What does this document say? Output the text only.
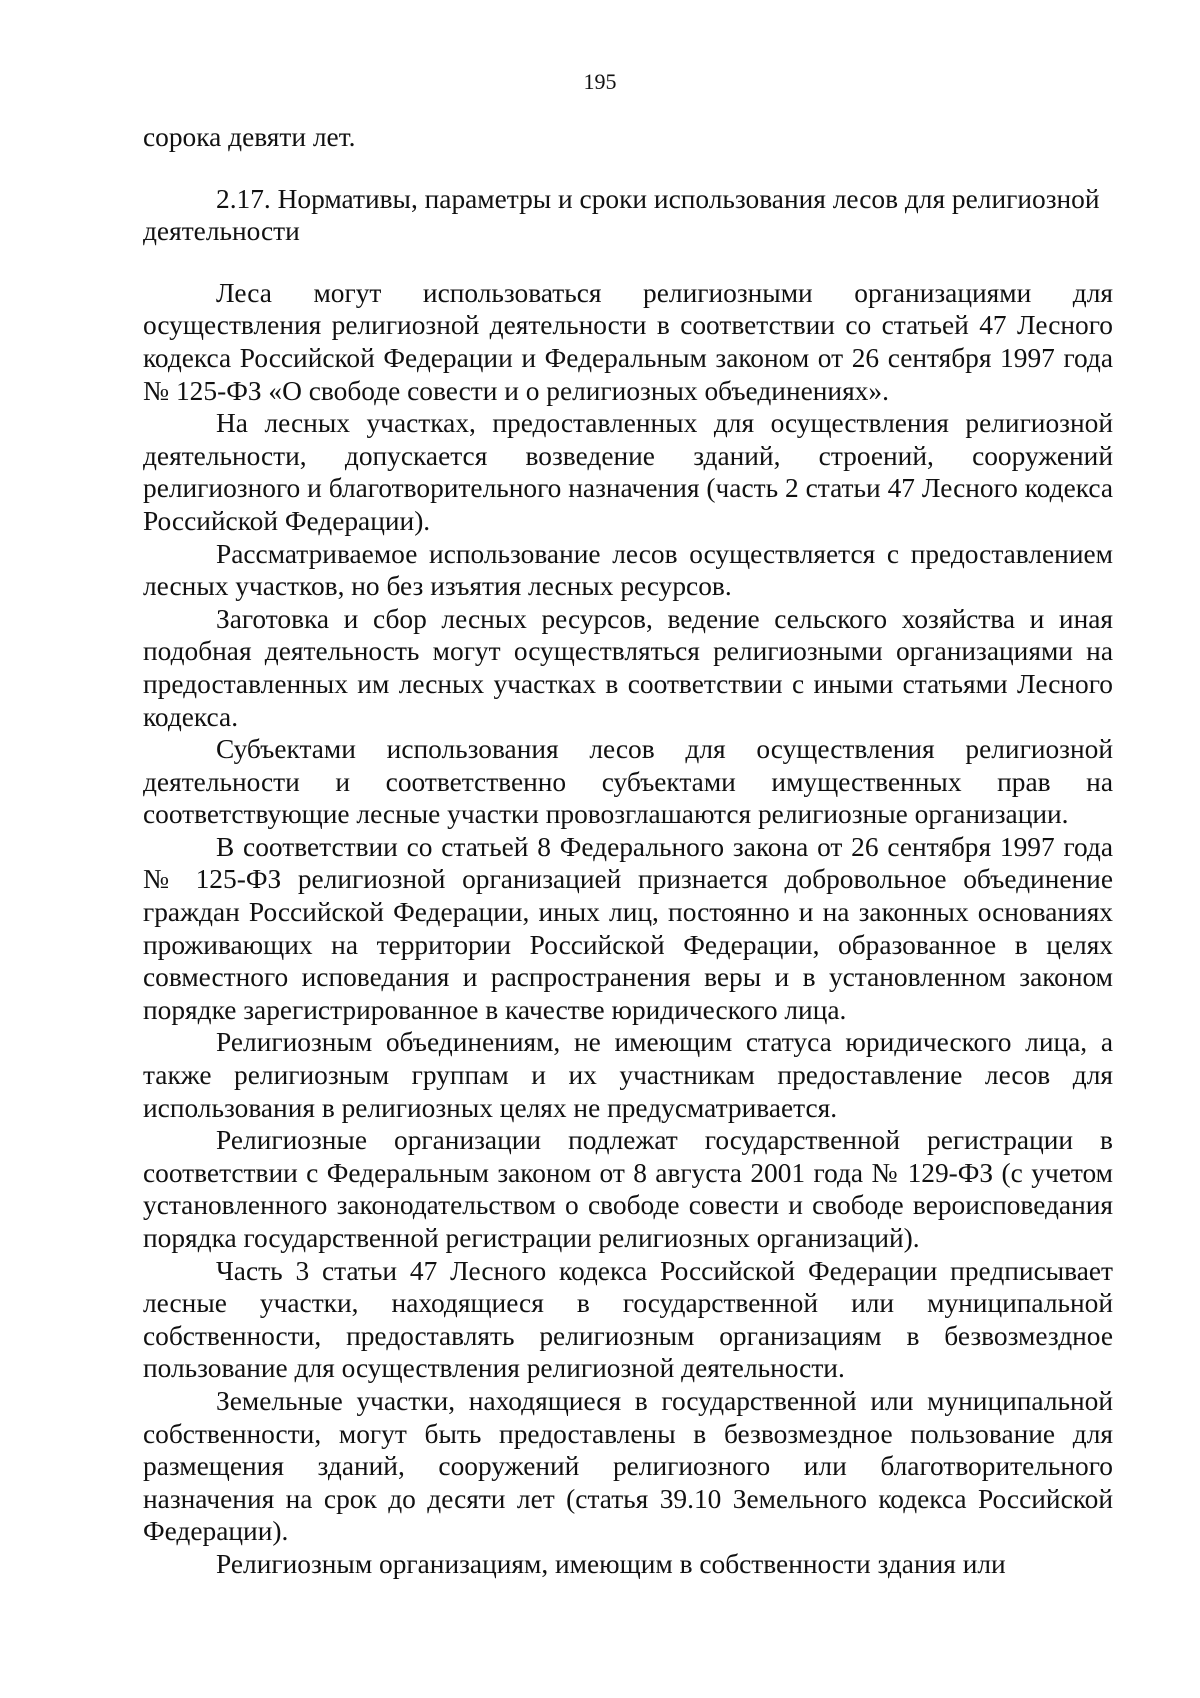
195

сорока девяти лет.

2.17. Нормативы, параметры и сроки использования лесов для религиозной деятельности

Леса могут использоваться религиозными организациями для осуществления религиозной деятельности в соответствии со статьей 47 Лесного кодекса Российской Федерации и Федеральным законом от 26 сентября 1997 года № 125-ФЗ «О свободе совести и о религиозных объединениях».

На лесных участках, предоставленных для осуществления религиозной деятельности, допускается возведение зданий, строений, сооружений религиозного и благотворительного назначения (часть 2 статьи 47 Лесного кодекса Российской Федерации).

Рассматриваемое использование лесов осуществляется с предоставлением лесных участков, но без изъятия лесных ресурсов.

Заготовка и сбор лесных ресурсов, ведение сельского хозяйства и иная подобная деятельность могут осуществляться религиозными организациями на предоставленных им лесных участках в соответствии с иными статьями Лесного кодекса.

Субъектами использования лесов для осуществления религиозной деятельности и соответственно субъектами имущественных прав на соответствующие лесные участки провозглашаются религиозные организации.

В соответствии со статьей 8 Федерального закона от 26 сентября 1997 года № 125-ФЗ религиозной организацией признается добровольное объединение граждан Российской Федерации, иных лиц, постоянно и на законных основаниях проживающих на территории Российской Федерации, образованное в целях совместного исповедания и распространения веры и в установленном законом порядке зарегистрированное в качестве юридического лица.

Религиозным объединениям, не имеющим статуса юридического лица, а также религиозным группам и их участникам предоставление лесов для использования в религиозных целях не предусматривается.

Религиозные организации подлежат государственной регистрации в соответствии с Федеральным законом от 8 августа 2001 года № 129-ФЗ (с учетом установленного законодательством о свободе совести и свободе вероисповедания порядка государственной регистрации религиозных организаций).

Часть 3 статьи 47 Лесного кодекса Российской Федерации предписывает лесные участки, находящиеся в государственной или муниципальной собственности, предоставлять религиозным организациям в безвозмездное пользование для осуществления религиозной деятельности.

Земельные участки, находящиеся в государственной или муниципальной собственности, могут быть предоставлены в безвозмездное пользование для размещения зданий, сооружений религиозного или благотворительного назначения на срок до десяти лет (статья 39.10 Земельного кодекса Российской Федерации).

Религиозным организациям, имеющим в собственности здания или
